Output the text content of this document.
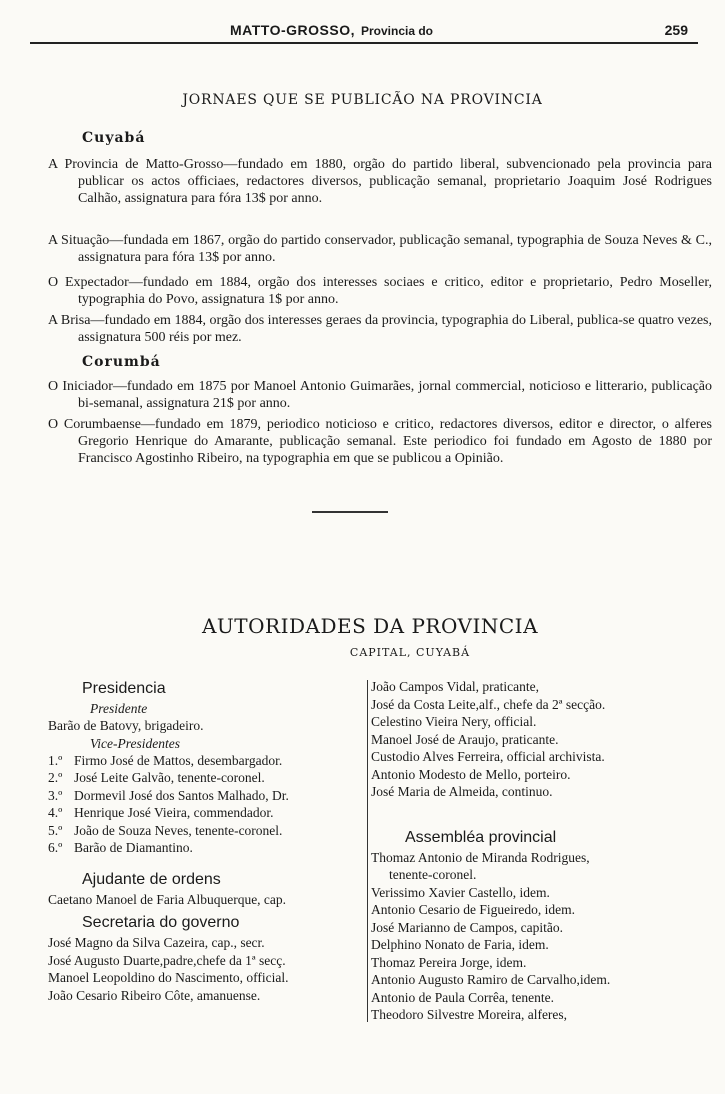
MATTO-GROSSO, Provincia do	259
JORNAES QUE SE PUBLICÃO NA PROVINCIA
Cuyabá
A Provincia de Matto-Grosso—fundado em 1880, orgão do partido liberal, subvencionado pela provincia para publicar os actos officiaes, redactores diversos, publicação semanal, proprietario Joaquim José Rodrigues Calhão, assignatura para fóra 13$ por anno.
A Situação—fundada em 1867, orgão do partido conservador, publicação semanal, typographia de Souza Neves & C., assignatura para fóra 13$ por anno.
O Expectador—fundado em 1884, orgão dos interesses sociaes e critico, editor e proprietario, Pedro Moseller, typographia do Povo, assignatura 1$ por anno.
A Brisa—fundado em 1884, orgão dos interesses geraes da provincia, typographia do Liberal, publica-se quatro vezes, assignatura 500 réis por mez.
Corumbá
O Iniciador—fundado em 1875 por Manoel Antonio Guimarães, jornal commercial, noticioso e litterario, publicação bi-semanal, assignatura 21$ por anno.
O Corumbaense—fundado em 1879, periodico noticioso e critico, redactores diversos, editor e director, o alferes Gregorio Henrique do Amarante, publicação semanal. Este periodico foi fundado em Agosto de 1880 por Francisco Agostinho Ribeiro, na typographia em que se publicou a Opinião.
AUTORIDADES DA PROVINCIA
CAPITAL, CUYABÁ
Presidencia
Presidente
Barão de Batovy, brigadeiro.
Vice-Presidentes
1.º Firmo José de Mattos, desembargador.
2.º José Leite Galvão, tenente-coronel.
3.º Dormevil José dos Santos Malhado, Dr.
4.º Henrique José Vieira, commendador.
5.º João de Souza Neves, tenente-coronel.
6.º Barão de Diamantino.
Ajudante de ordens
Caetano Manoel de Faria Albuquerque, cap.
Secretaria do governo
José Magno da Silva Cazeira, cap., secr.
José Augusto Duarte,padre,chefe da 1ª secç.
Manoel Leopoldino do Nascimento, official.
João Cesario Ribeiro Côte, amanuense.
João Campos Vidal, praticante,
José da Costa Leite,alf., chefe da 2ª secção.
Celestino Vieira Nery, official.
Manoel José de Araujo, praticante.
Custodio Alves Ferreira, official archivista.
Antonio Modesto de Mello, porteiro.
José Maria de Almeida, continuo.
Assembléa provincial
Thomaz Antonio de Miranda Rodrigues,
tenente-coronel.
Verissimo Xavier Castello, idem.
Antonio Cesario de Figueiredo, idem.
José Marianno de Campos, capitão.
Delphino Nonato de Faria, idem.
Thomaz Pereira Jorge, idem.
Antonio Augusto Ramiro de Carvalho,idem.
Antonio de Paula Corrêa, tenente.
Theodoro Silvestre Moreira, alferes,
